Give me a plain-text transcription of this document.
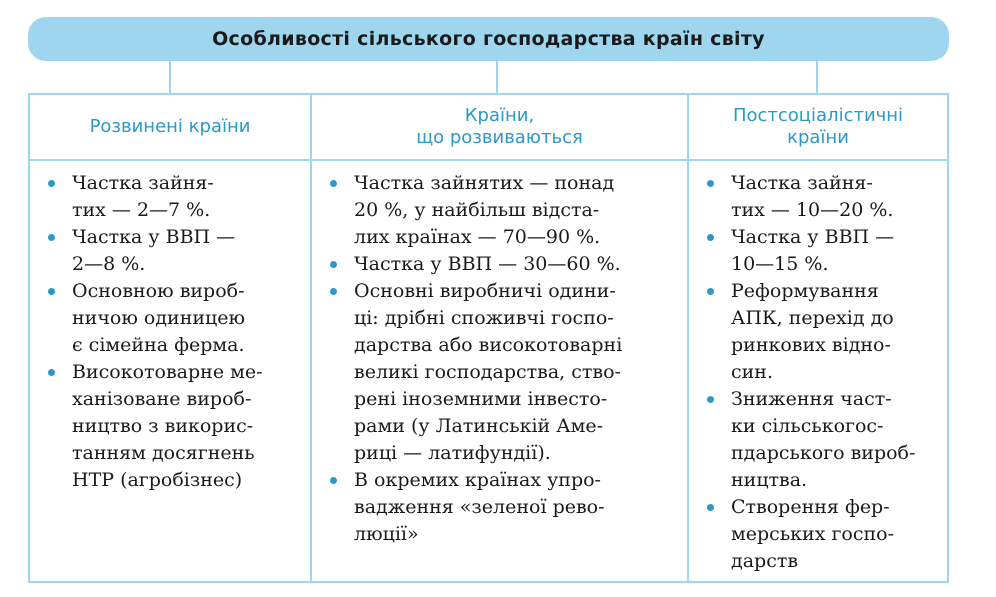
Особливості сільського господарства країн світу
Розвинені країни
Частка зайня-
тих — 2—7 %.
Частка у ВВП —
2—8 %.
Основною вироб-
ничою одиницею
є сімейна ферма.
Високотоварне ме-
ханізоване вироб-
ництво з викорис-
танням досягнень
НТР (агробізнес)
Країни,
що розвиваються
Частка зайнятих — понад
20 %, у найбільш відста-
лих країнах — 70—90 %.
Частка у ВВП — 30—60 %.
Основні виробничі одини-
ці: дрібні споживчі госпо-
дарства або високотоварні
великі господарства, ство-
рені іноземними інвесто-
рами (у Латинській Аме-
риці — латифундії).
В окремих країнах упро-
вадження «зеленої рево-
люції»
Постсоціалістичні
країни
Частка зайня-
тих — 10—20 %.
Частка у ВВП —
10—15 %.
Реформування
АПК, перехід до
ринкових відно-
син.
Зниження част-
ки сільськогос-
пдарського вироб-
ництва.
Створення фер-
мерських госпо-
дарств
